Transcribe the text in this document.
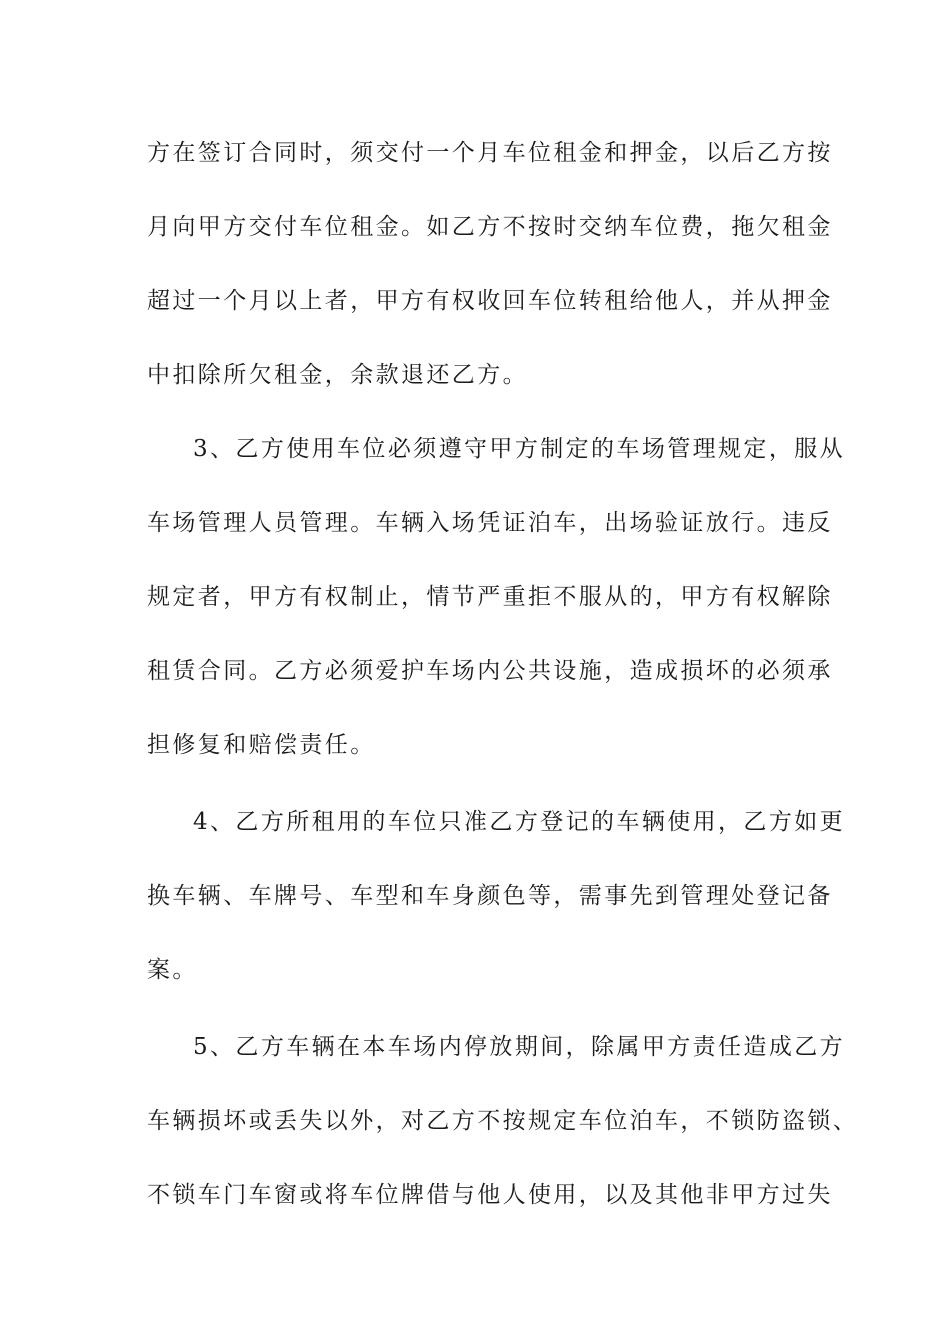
方在签订合同时，须交付一个月车位租金和押金，以后乙方按
月向甲方交付车位租金。如乙方不按时交纳车位费，拖欠租金
超过一个月以上者，甲方有权收回车位转租给他人，并从押金
中扣除所欠租金，余款退还乙方。
3、乙方使用车位必须遵守甲方制定的车场管理规定，服从
车场管理人员管理。车辆入场凭证泊车，出场验证放行。违反
规定者，甲方有权制止，情节严重拒不服从的，甲方有权解除
租赁合同。乙方必须爱护车场内公共设施，造成损坏的必须承
担修复和赔偿责任。
4、乙方所租用的车位只准乙方登记的车辆使用，乙方如更
换车辆、车牌号、车型和车身颜色等，需事先到管理处登记备
案。
5、乙方车辆在本车场内停放期间，除属甲方责任造成乙方
车辆损坏或丢失以外，对乙方不按规定车位泊车，不锁防盗锁、
不锁车门车窗或将车位牌借与他人使用，以及其他非甲方过失
